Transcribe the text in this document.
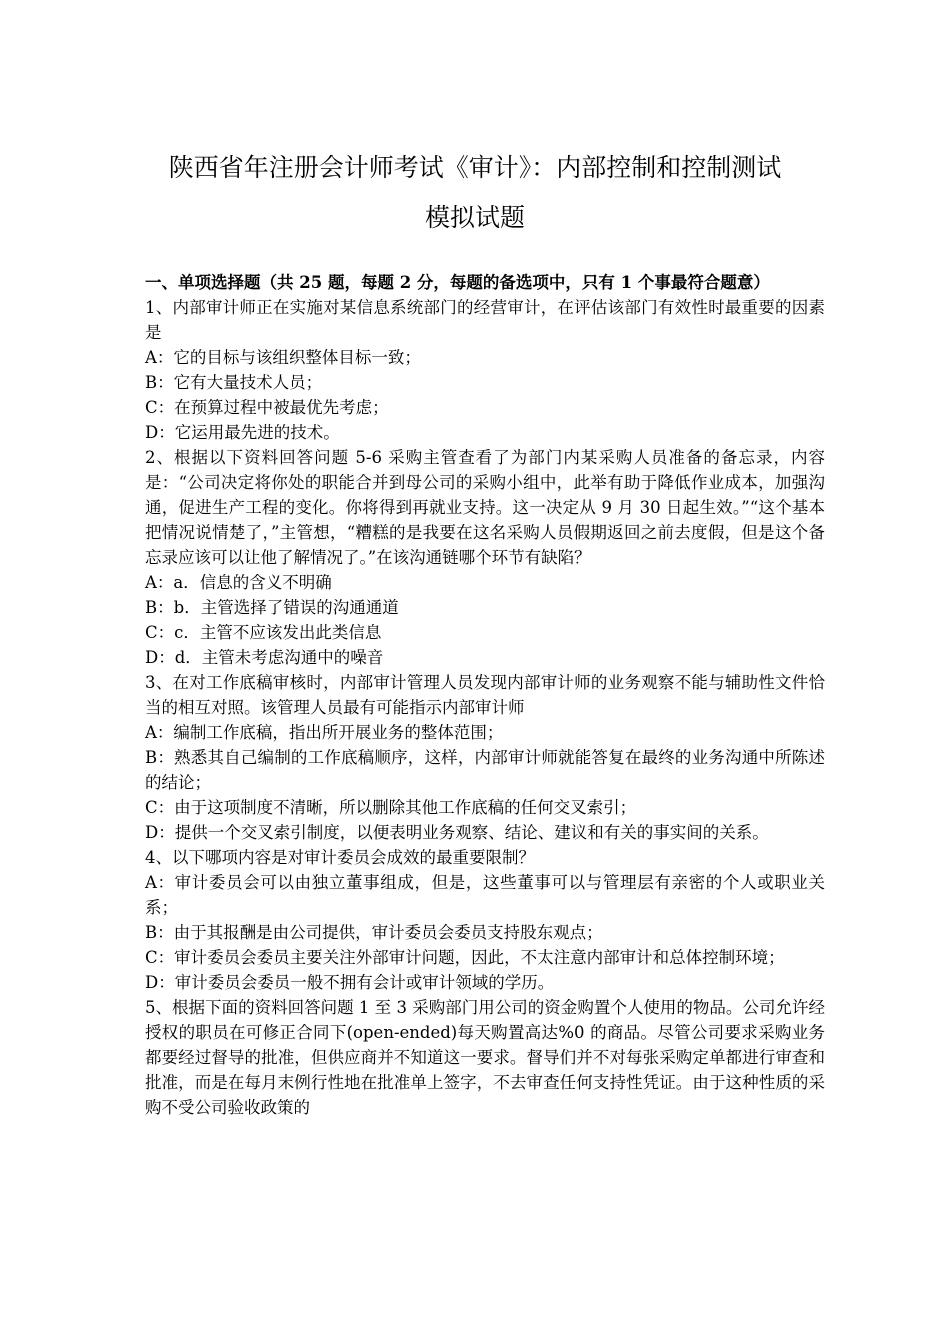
陕西省年注册会计师考试《审计》：内部控制和控制测试
模拟试题
一、单项选择题（共 25 题，每题 2 分，每题的备选项中，只有 1 个事最符合题意）

1、内部审计师正在实施对某信息系统部门的经营审计，在评估该部门有效性时最重要的因素是

A：它的目标与该组织整体目标一致；

B：它有大量技术人员；

C：在预算过程中被最优先考虑；

D：它运用最先进的技术。

2、根据以下资料回答问题 5-6 采购主管查看了为部门内某采购人员准备的备忘录，内容是：“公司决定将你处的职能合并到母公司的采购小组中，此举有助于降低作业成本，加强沟通，促进生产工程的变化。你将得到再就业支持。这一决定从 9 月 30 日起生效。”“这个基本把情况说情楚了，”主管想，“糟糕的是我要在这名采购人员假期返回之前去度假，但是这个备忘录应该可以让他了解情况了。”在该沟通链哪个环节有缺陷？

A：a．信息的含义不明确

B：b．主管选择了错误的沟通通道

C：c．主管不应该发出此类信息

D：d．主管未考虑沟通中的噪音

3、在对工作底稿审核时，内部审计管理人员发现内部审计师的业务观察不能与辅助性文件恰当的相互对照。该管理人员最有可能指示内部审计师

A：编制工作底稿，指出所开展业务的整体范围；

B：熟悉其自己编制的工作底稿顺序，这样，内部审计师就能答复在最终的业务沟通中所陈述的结论；

C：由于这项制度不清晰，所以删除其他工作底稿的任何交叉索引；

D：提供一个交叉索引制度，以便表明业务观察、结论、建议和有关的事实间的关系。

4、以下哪项内容是对审计委员会成效的最重要限制？

A：审计委员会可以由独立董事组成，但是，这些董事可以与管理层有亲密的个人或职业关系；

B：由于其报酬是由公司提供，审计委员会委员支持股东观点；

C：审计委员会委员主要关注外部审计问题，因此，不太注意内部审计和总体控制环境；

D：审计委员会委员一般不拥有会计或审计领域的学历。

5、根据下面的资料回答问题 1 至 3 采购部门用公司的资金购置个人使用的物品。公司允许经授权的职员在可修正合同下(open-ended)每天购置高达%0 的商品。尽管公司要求采购业务都要经过督导的批准，但供应商并不知道这一要求。督导们并不对每张采购定单都进行审查和批准，而是在每月末例行性地在批准单上签字，不去审查任何支持性凭证。由于这种性质的采购不受公司验收政策的
